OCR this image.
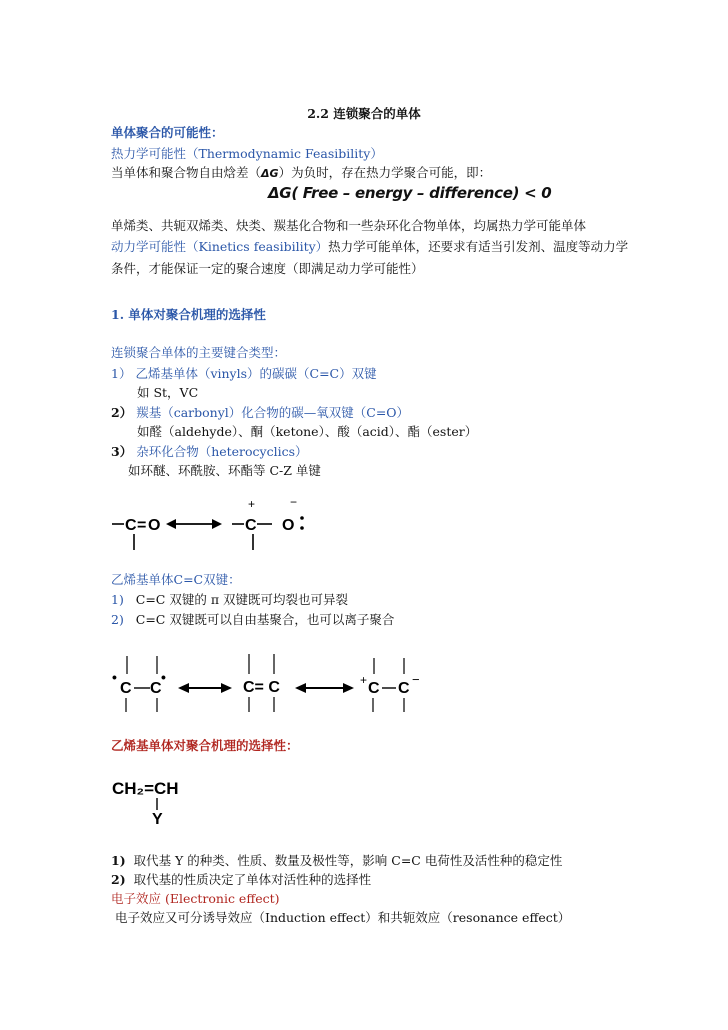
2.2 连锁聚合的单体
单体聚合的可能性：
热力学可能性（Thermodynamic Feasibility）
当单体和聚合物自由焓差（ΔG）为负时，存在热力学聚合可能，即：
ΔG( Free – energy – difference) < 0
单烯类、共轭双烯类、炔类、羰基化合物和一些杂环化合物单体，均属热力学可能单体
动力学可能性（Kinetics feasibility）热力学可能单体，还要求有适当引发剂、温度等动力学
条件，才能保证一定的聚合速度（即满足动力学可能性）
1. 单体对聚合机理的选择性
连锁聚合单体的主要键合类型：
1） 乙烯基单体（vinyls）的碳碳（C=C）双键
如 St，VC
2） 羰基（carbonyl）化合物的碳—氧双键（C=O）
如醛（aldehyde）、酮（ketone）、酸（acid）、酯（ester）
3） 杂环化合物（heterocyclics）
如环醚、环酰胺、环酯等 C-Z 单键
C = O	C
+
O
−
乙烯基单体C=C双键：
1) C=C 双键的 π 双键既可均裂也可异裂
2) C=C 双键既可以自由基聚合，也可以离子聚合
•
C C
•
C= C	+ C C
−
乙烯基单体对聚合机理的选择性：
CH₂=CH
Y
1) 取代基 Y 的种类、性质、数量及极性等，影响 C=C 电荷性及活性种的稳定性
2) 取代基的性质决定了单体对活性种的选择性
电子效应 (Electronic effect)
电子效应又可分诱导效应（Induction effect）和共轭效应（resonance effect）
